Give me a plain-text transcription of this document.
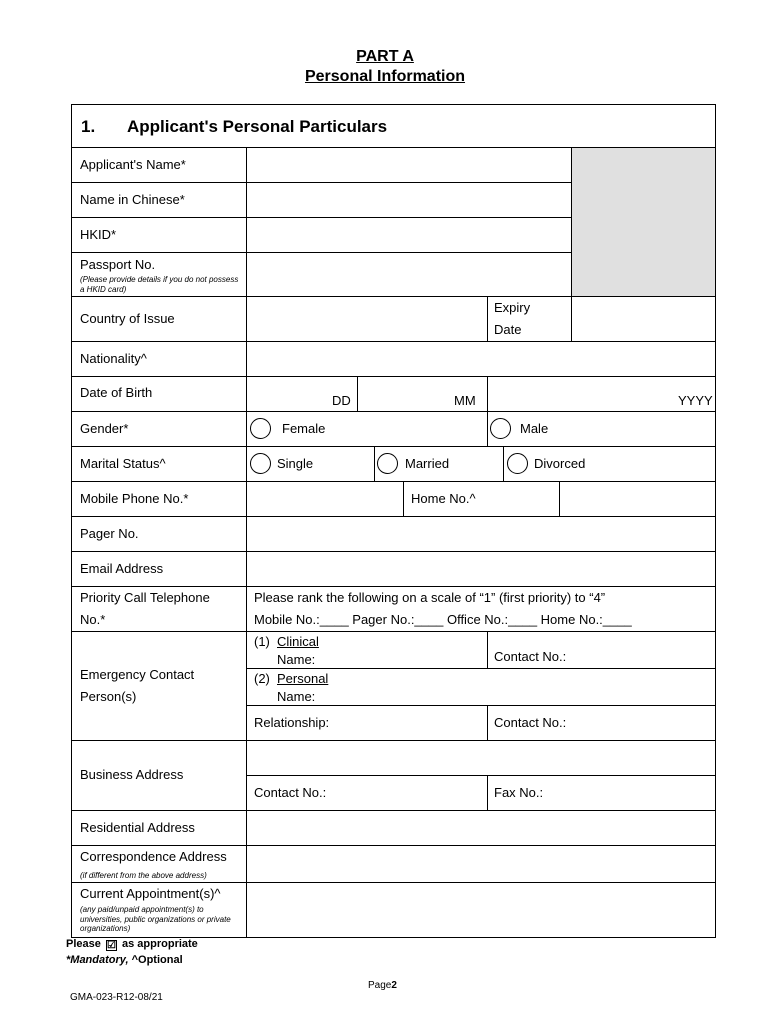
PART A
Personal Information
1. Applicant's Personal Particulars
Applicant's Name*
Name in Chinese*
HKID*
Passport No.
(Please provide details if you do not possess a HKID card)
Country of Issue
Expiry
Date
Nationality^
Date of Birth
DD	MM	YYYY
Gender*	Female	Male
Marital Status^	Single	Married	Divorced
Mobile Phone No.*	Home No.^
Pager No.
Email Address
Priority Call Telephone
No.*
Please rank the following on a scale of “1” (first priority) to “4”
Mobile No.:____ Pager No.:____ Office No.:____ Home No.:____
Emergency Contact
Person(s)
(1) Clinical
Name:	Contact No.:
(2) Personal
Name:
Relationship:	Contact No.:
Business Address
Contact No.:	Fax No.:
Residential Address
Correspondence Address
(if different from the above address)
Current Appointment(s)^
(any paid/unpaid appointment(s) to universities, public organizations or private organizations)
Please ☑ as appropriate
*Mandatory, ^Optional
Page2
GMA-023-R12-08/21
